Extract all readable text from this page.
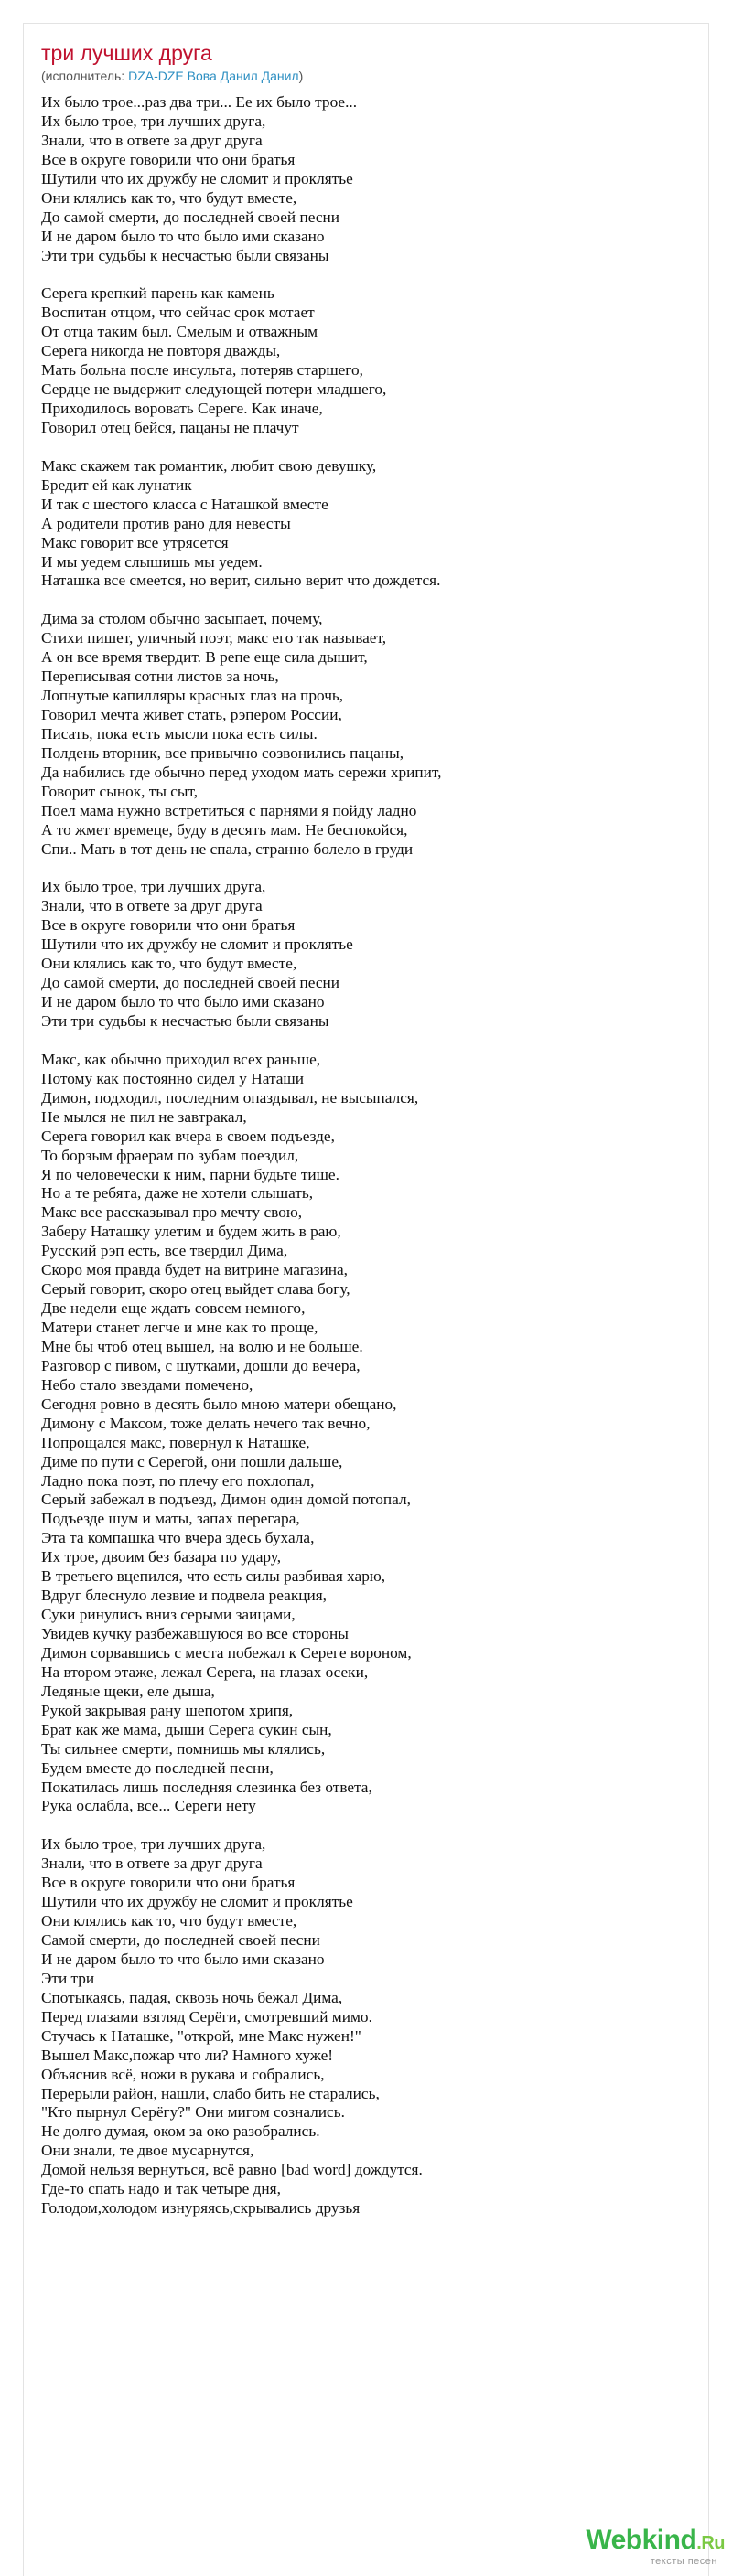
три лучших друга
(исполнитель: DZA-DZE Вова Данил Данил)
Их было трое...раз два три... Ее их было трое...
Их было трое, три лучших друга,
Знали, что в ответе за друг друга
Все в округе говорили что они братья
Шутили что их дружбу не сломит и проклятье
Они клялись как то, что будут вместе,
До самой смерти, до последней своей песни
И не даром было то что было ими сказано
Эти три судьбы к несчастью были связаны
Серега крепкий парень как камень
Воспитан отцом, что сейчас срок мотает
От отца таким был. Смелым и отважным
Серега никогда не повторя дважды,
Мать больна после инсульта, потеряв старшего,
Сердце не выдержит следующей потери младшего,
Приходилось воровать Сереге. Как иначе,
Говорил отец бейся, пацаны не плачут
Макс скажем так романтик, любит свою девушку,
Бредит ей как лунатик
И так с шестого класса с Наташкой вместе
А родители против рано для невесты
Макс говорит все утрясется
И мы уедем слышишь мы уедем.
Наташка все смеется, но верит, сильно верит что дождется.
Дима за столом обычно засыпает, почему,
Стихи пишет, уличный поэт, макс его так называет,
А он все время твердит. В репе еще сила дышит,
Переписывая сотни листов за ночь,
Лопнутые капилляры красных глаз на прочь,
Говорил мечта живет стать, рэпером России,
Писать, пока есть мысли пока есть силы.
Полдень вторник, все привычно созвонились пацаны,
Да набились где обычно перед уходом мать сережи хрипит,
Говорит сынок, ты сыт,
Поел мама нужно встретиться с парнями я пойду ладно
А то жмет времеце, буду в десять мам. Не беспокойся,
Спи.. Мать в тот день не спала, странно болело в груди
Их было трое, три лучших друга,
Знали, что в ответе за друг друга
Все в округе говорили что они братья
Шутили что их дружбу не сломит и проклятье
Они клялись как то, что будут вместе,
До самой смерти, до последней своей песни
И не даром было то что было ими сказано
Эти три судьбы к несчастью были связаны
Макс, как обычно приходил всех раньше,
Потому как постоянно сидел у Наташи
Димон, подходил, последним опаздывал, не высыпался,
Не мылся не пил не завтракал,
Серега говорил как вчера в своем подъезде,
То борзым фраерам по зубам поездил,
Я по человечески к ним, парни будьте тише.
Но а те ребята, даже не хотели слышать,
Макс все рассказывал про мечту свою,
Заберу Наташку улетим и будем жить в раю,
Русский рэп есть, все твердил Дима,
Скоро моя правда будет на витрине магазина,
Серый говорит, скоро отец выйдет слава богу,
Две недели еще ждать совсем немного,
Матери станет легче и мне как то проще,
Мне бы чтоб отец вышел, на волю и не больше.
Разговор с пивом, с шутками, дошли до вечера,
Небо стало звездами помечено,
Сегодня ровно в десять было мною матери обещано,
Димону с Максом, тоже делать нечего так вечно,
Попрощался макс, повернул к Наташке,
Диме по пути с Серегой, они пошли дальше,
Ладно пока поэт, по плечу его похлопал,
Серый забежал в подъезд, Димон один домой потопал,
Подъезде шум и маты, запах перегара,
Эта та компашка что вчера здесь бухала,
Их трое, двоим без базара по удару,
В третьего вцепился, что есть силы разбивая харю,
Вдруг блеснуло лезвие и подвела реакция,
Суки ринулись вниз серыми заицами,
Увидев кучку разбежавшуюся во все стороны
Димон сорвавшись с места побежал к Сереге вороном,
На втором этаже, лежал Серега, на глазах осеки,
Ледяные щеки, еле дыша,
Рукой закрывая рану шепотом хрипя,
Брат как же мама, дыши Серега сукин сын,
Ты сильнее смерти, помнишь мы клялись,
Будем вместе до последней песни,
Покатилась лишь последняя слезинка без ответа,
Рука ослабла, все... Сереги нету
Их было трое, три лучших друга,
Знали, что в ответе за друг друга
Все в округе говорили что они братья
Шутили что их дружбу не сломит и проклятье
Они клялись как то, что будут вместе,
Самой смерти, до последней своей песни
И не даром было то что было ими сказано
Эти три
Спотыкаясь, падая, сквозь ночь бежал Дима,
Перед глазами взгляд Серёги, смотревший мимо.
Стучась к Наташке, "открой, мне Макс нужен!"
Вышел Макс,пожар что ли? Намного хуже!
Объяснив всё, ножи в рукава и собрались,
Перерыли район, нашли, слабо бить не старались,
"Кто пырнул Серёгу?" Они мигом сознались.
Не долго думая, оком за око разобрались.
Они знали, те двое мусарнутся,
Домой нельзя вернуться, всё равно [bad word] дождутся.
Где-то спать надо и так четыре дня,
Голодом,холодом изнуряясь,скрывались друзья
Webkind.Ru
тексты песен
